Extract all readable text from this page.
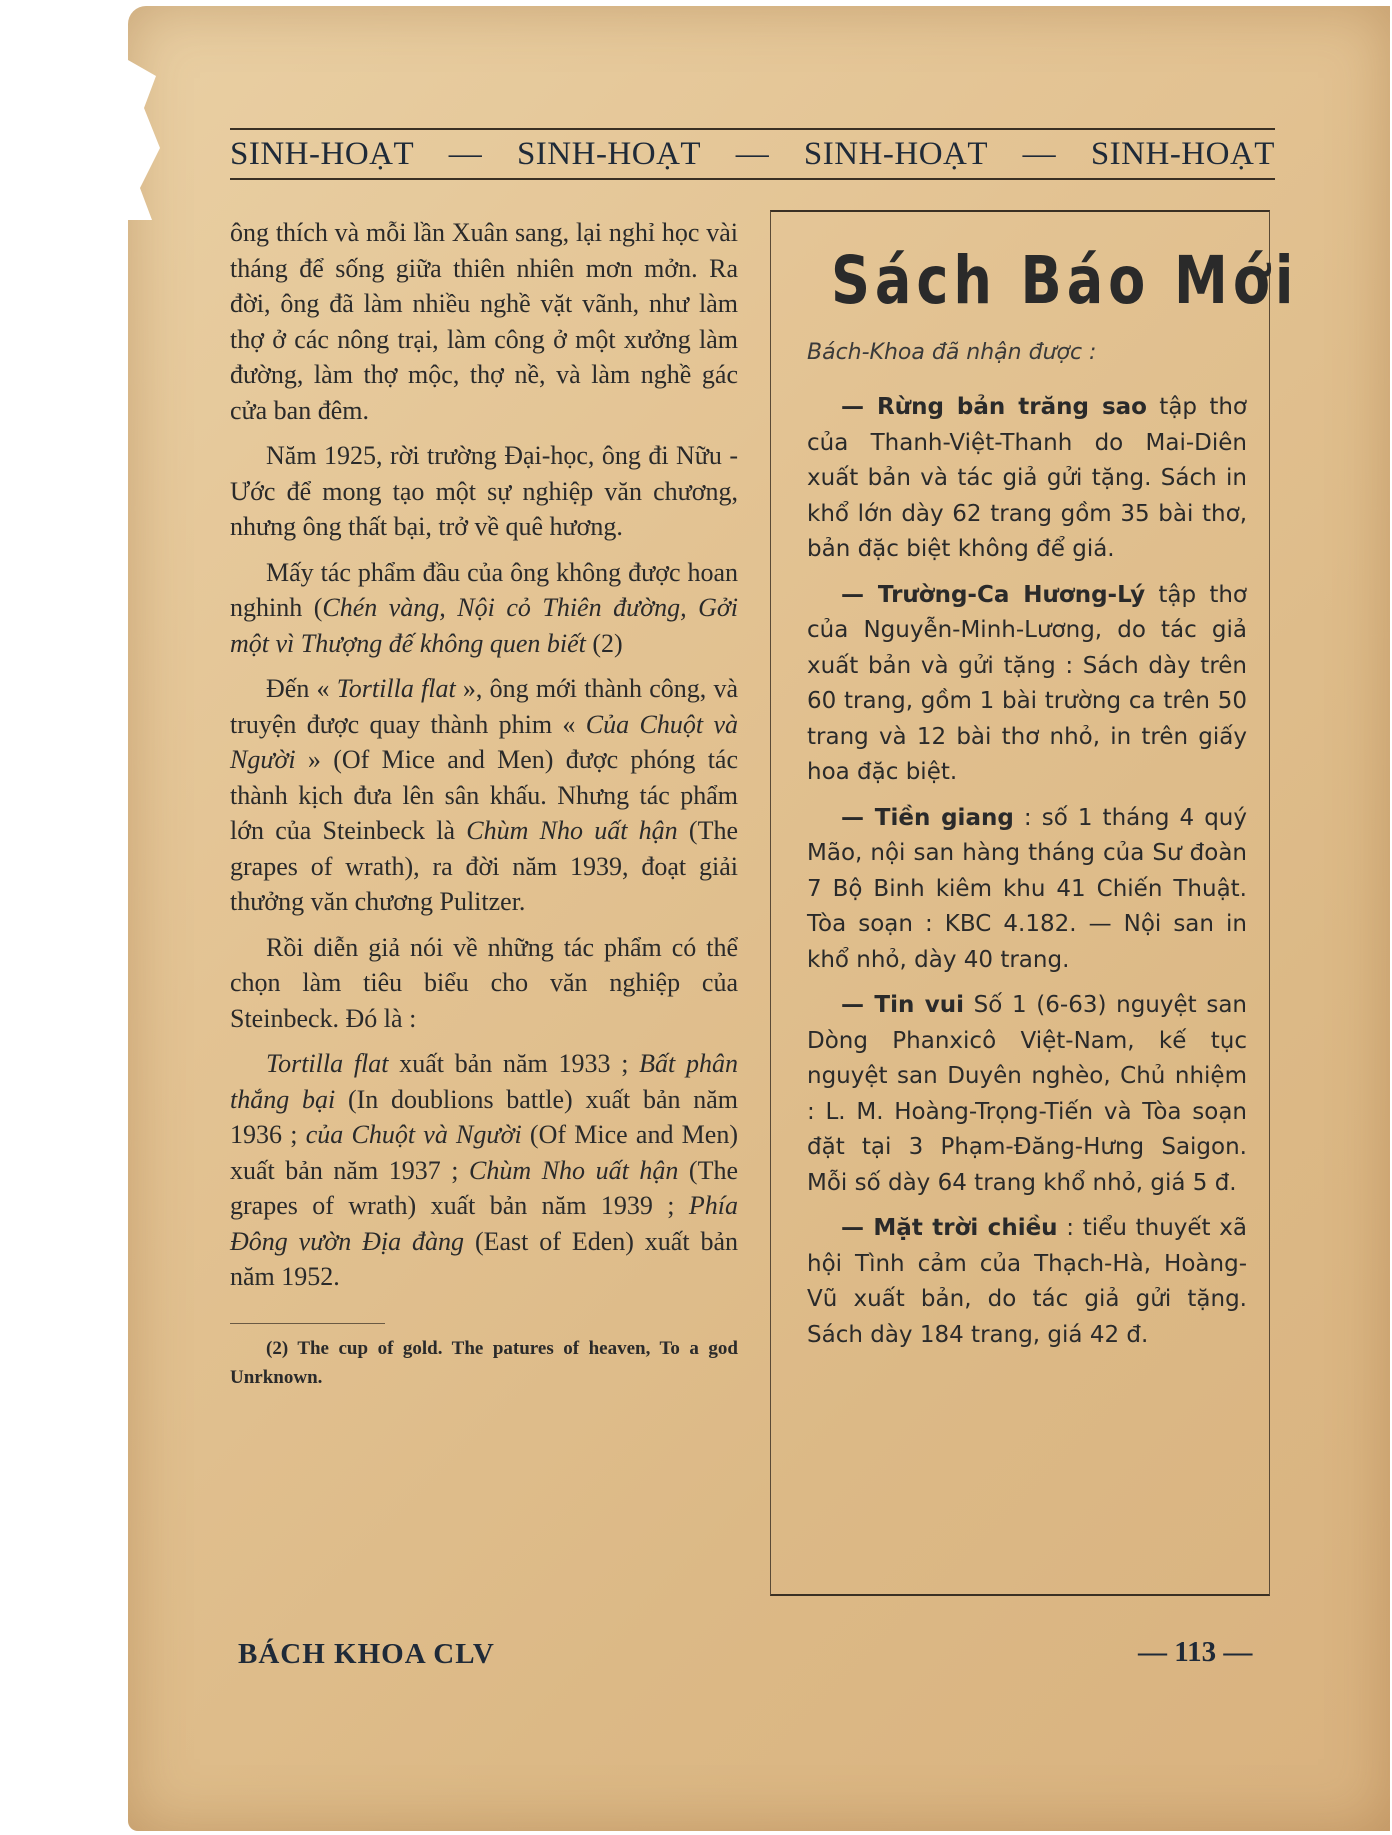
SINH-HOẠT — SINH-HOẠT — SINH-HOẠT — SINH-HOẠT

ông thích và mỗi lần Xuân sang, lại nghỉ học vài tháng để sống giữa thiên nhiên mơn mởn. Ra đời, ông đã làm nhiều nghề vặt vãnh, như làm thợ ở các nông trại, làm công ở một xưởng làm đường, làm thợ mộc, thợ nề, và làm nghề gác cửa ban đêm.

Năm 1925, rời trường Đại-học, ông đi Nữu - Ước để mong tạo một sự nghiệp văn chương, nhưng ông thất bại, trở về quê hương.

Mấy tác phẩm đầu của ông không được hoan nghinh (Chén vàng, Nội cỏ Thiên đường, Gởi một vì Thượng đế không quen biết (2)

Đến « Tortilla flat », ông mới thành công, và truyện được quay thành phim « Của Chuột và Người » (Of Mice and Men) được phóng tác thành kịch đưa lên sân khấu. Nhưng tác phẩm lớn của Steinbeck là Chùm Nho uất hận (The grapes of wrath), ra đời năm 1939, đoạt giải thưởng văn chương Pulitzer.

Rồi diễn giả nói về những tác phẩm có thể chọn làm tiêu biểu cho văn nghiệp của Steinbeck. Đó là :

Tortilla flat xuất bản năm 1933 ; Bất phân thắng bại (In doublions battle) xuất bản năm 1936 ; của Chuột và Người (Of Mice and Men) xuất bản năm 1937 ; Chùm Nho uất hận (The grapes of wrath) xuất bản năm 1939 ; Phía Đông vườn Địa đàng (East of Eden) xuất bản năm 1952.

(2) The cup of gold. The patures of heaven, To a god Unrknown.

Sách Báo Mới
Bách-Khoa đã nhận được :
— Rừng bản trăng sao tập thơ của Thanh-Việt-Thanh do Mai-Diên xuất bản và tác giả gửi tặng. Sách in khổ lớn dày 62 trang gồm 35 bài thơ, bản đặc biệt không để giá.
— Trường-Ca Hương-Lý tập thơ của Nguyễn-Minh-Lương, do tác giả xuất bản và gửi tặng : Sách dày trên 60 trang, gồm 1 bài trường ca trên 50 trang và 12 bài thơ nhỏ, in trên giấy hoa đặc biệt.
— Tiền giang : số 1 tháng 4 quý Mão, nội san hàng tháng của Sư đoàn 7 Bộ Binh kiêm khu 41 Chiến Thuật. Tòa soạn : KBC 4.182. — Nội san in khổ nhỏ, dày 40 trang.
— Tin vui Số 1 (6-63) nguyệt san Dòng Phanxicô Việt-Nam, kế tục nguyệt san Duyên nghèo, Chủ nhiệm : L. M. Hoàng-Trọng-Tiến và Tòa soạn đặt tại 3 Phạm-Đăng-Hưng Saigon. Mỗi số dày 64 trang khổ nhỏ, giá 5 đ.
— Mặt trời chiều : tiểu thuyết xã hội Tình cảm của Thạch-Hà, Hoàng-Vũ xuất bản, do tác giả gửi tặng. Sách dày 184 trang, giá 42 đ.
BÁCH KHOA CLV	— 113 —
